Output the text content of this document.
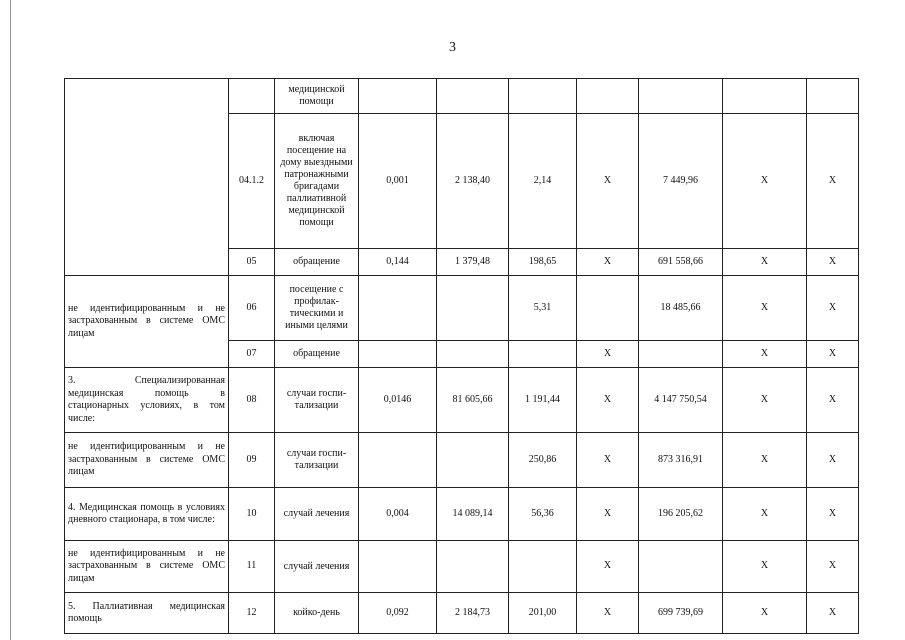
3
		медицинской помощи							
	04.1.2	включая посещение на дому выездными патронажными бригадами паллиативной медицинской помощи	0,001	2 138,40	2,14	X	7 449,96	X	X
	05	обращение	0,144	1 379,48	198,65	X	691 558,66	X	X
не идентифицированным и не застрахованным в системе ОМС лицам	06	посещение с профилак-тическими и иными целями			5,31		18 485,66	X	X
	07	обращение				X		X	X
3. Специализированная медицинская помощь в стационарных условиях, в том числе:	08	случаи госпи-тализации	0,0146	81 605,66	1 191,44	X	4 147 750,54	X	X
не идентифицированным и не застрахованным в системе ОМС лицам	09	случаи госпи-тализации			250,86	X	873 316,91	X	X
4. Медицинская помощь в условиях дневного стационара, в том числе:	10	случай лечения	0,004	14 089,14	56,36	X	196 205,62	X	X
не идентифицированным и не застрахованным в системе ОМС лицам	11	случай лечения				X		X	X
5. Паллиативная медицинская помощь	12	койко-день	0,092	2 184,73	201,00	X	699 739,69	X	X
